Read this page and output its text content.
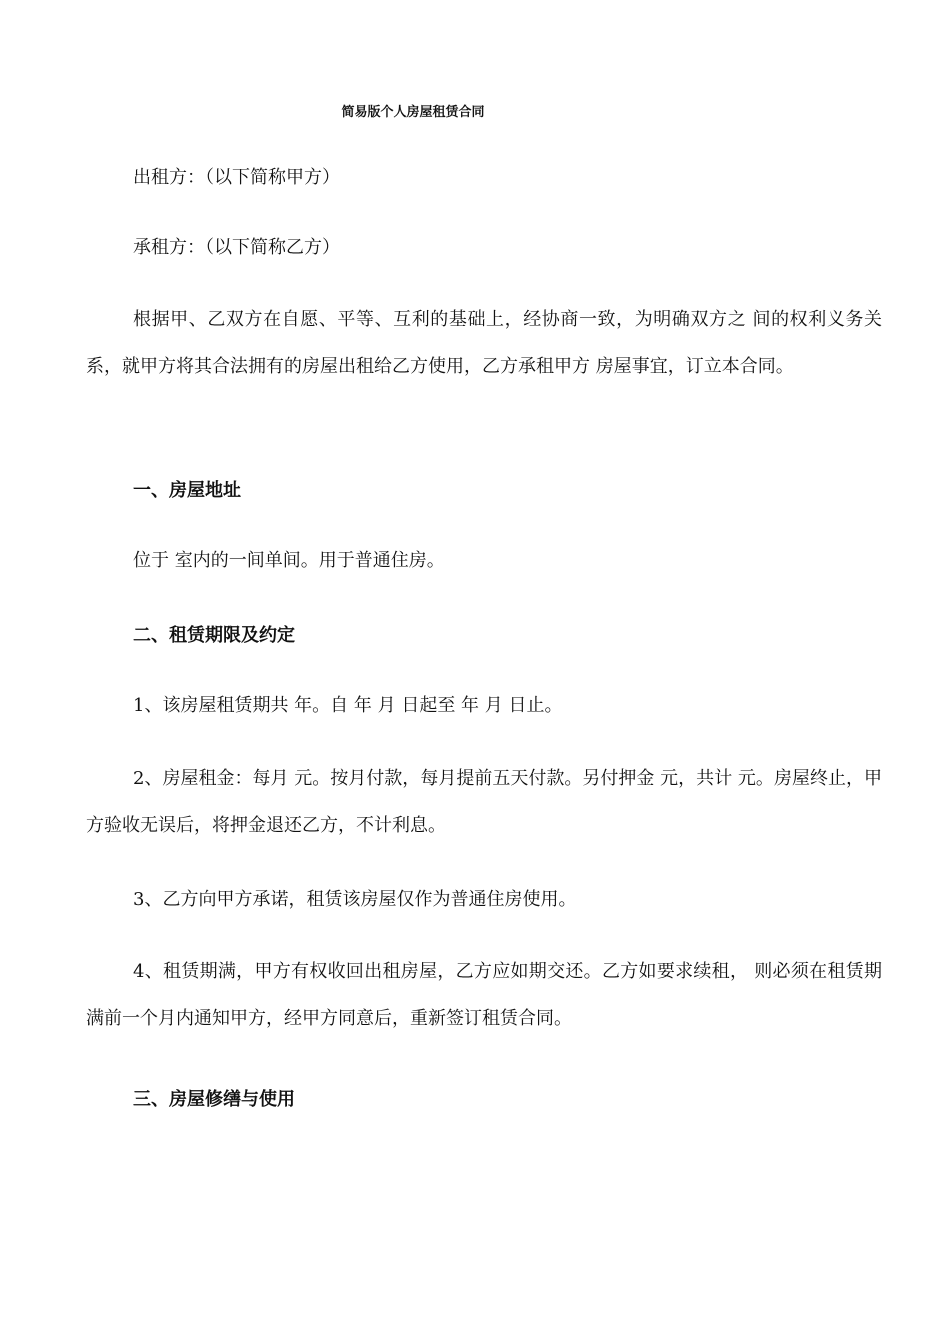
简易版个人房屋租赁合同
出租方：（以下简称甲方）
承租方：（以下简称乙方）
根据甲、乙双方在自愿、平等、互利的基础上，经协商一致，为明确双方之 间的权利义务关系，就甲方将其合法拥有的房屋出租给乙方使用，乙方承租甲方 房屋事宜，订立本合同。
一、房屋地址
位于 室内的一间单间。用于普通住房。
二、租赁期限及约定
1、该房屋租赁期共 年。自 年 月 日起至 年 月 日止。
2、房屋租金：每月 元。按月付款，每月提前五天付款。另付押金 元，共计 元。房屋终止，甲方验收无误后，将押金退还乙方，不计利息。
3、乙方向甲方承诺，租赁该房屋仅作为普通住房使用。
4、租赁期满，甲方有权收回出租房屋，乙方应如期交还。乙方如要求续租， 则必须在租赁期满前一个月内通知甲方，经甲方同意后，重新签订租赁合同。
三、房屋修缮与使用
